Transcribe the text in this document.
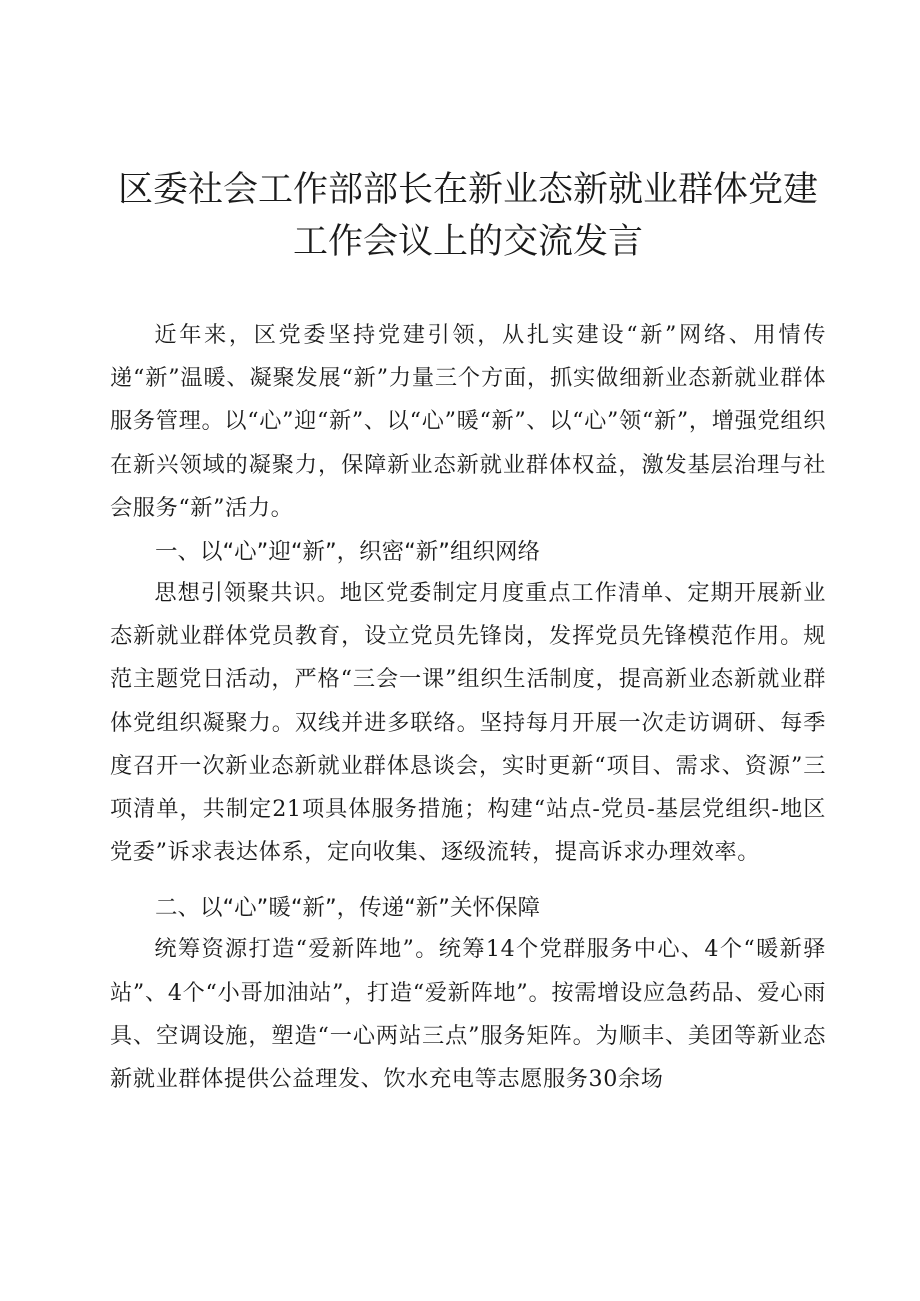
区委社会工作部部长在新业态新就业群体党建
工作会议上的交流发言

近年来，区党委坚持党建引领，从扎实建设“新”网络、用情传递“新”温暖、凝聚发展“新”力量三个方面，抓实做细新业态新就业群体服务管理。以“心”迎“新”、以“心”暖“新”、以“心”领“新”，增强党组织在新兴领域的凝聚力，保障新业态新就业群体权益，激发基层治理与社会服务“新”活力。

一、以“心”迎“新”，织密“新”组织网络

思想引领聚共识。地区党委制定月度重点工作清单、定期开展新业态新就业群体党员教育，设立党员先锋岗，发挥党员先锋模范作用。规范主题党日活动，严格“三会一课”组织生活制度，提高新业态新就业群体党组织凝聚力。双线并进多联络。坚持每月开展一次走访调研、每季度召开一次新业态新就业群体恳谈会，实时更新“项目、需求、资源”三项清单，共制定21项具体服务措施；构建“站点-党员-基层党组织-地区党委”诉求表达体系，定向收集、逐级流转，提高诉求办理效率。

二、以“心”暖“新”，传递“新”关怀保障

统筹资源打造“爱新阵地”。统筹14个党群服务中心、4个“暖新驿站”、4个“小哥加油站”，打造“爱新阵地”。按需增设应急药品、爱心雨具、空调设施，塑造“一心两站三点”服务矩阵。为顺丰、美团等新业态新就业群体提供公益理发、饮水充电等志愿服务30余场
